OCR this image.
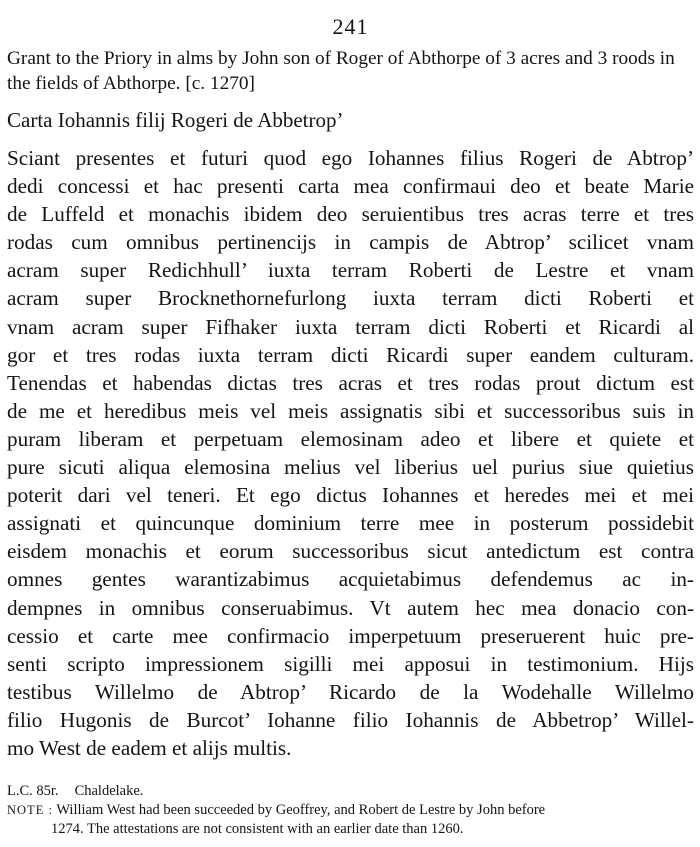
241

Grant to the Priory in alms by John son of Roger of Abthorpe of 3 acres and 3 roods in the fields of Abthorpe. [c. 1270]

Carta Iohannis filij Rogeri de Abbetrop’

Sciant presentes et futuri quod ego Iohannes filius Rogeri de Abtrop’
dedi concessi et hac presenti carta mea confirmaui deo et beate Marie
de Luffeld et monachis ibidem deo seruientibus tres acras terre et tres
rodas cum omnibus pertinencijs in campis de Abtrop’ scilicet vnam
acram super Redichhull’ iuxta terram Roberti de Lestre et vnam
acram super Brocknethornefurlong iuxta terram dicti Roberti et
vnam acram super Fifhaker iuxta terram dicti Roberti et Ricardi al
gor et tres rodas iuxta terram dicti Ricardi super eandem culturam.
Tenendas et habendas dictas tres acras et tres rodas prout dictum est
de me et heredibus meis vel meis assignatis sibi et successoribus suis in
puram liberam et perpetuam elemosinam adeo et libere et quiete et
pure sicuti aliqua elemosina melius vel liberius uel purius siue quietius
poterit dari vel teneri. Et ego dictus Iohannes et heredes mei et mei
assignati et quincunque dominium terre mee in posterum possidebit
eisdem monachis et eorum successoribus sicut antedictum est contra
omnes gentes warantizabimus acquietabimus defendemus ac in-
dempnes in omnibus conseruabimus. Vt autem hec mea donacio con-
cessio et carte mee confirmacio imperpetuum preseruerent huic pre-
senti scripto impressionem sigilli mei apposui in testimonium. Hijs
testibus Willelmo de Abtrop’ Ricardo de la Wodehalle Willelmo
filio Hugonis de Burcot’ Iohanne filio Iohannis de Abbetrop’ Willel-
mo West de eadem et alijs multis.

L.C. 85r. Chaldelake.
NOTE : William West had been succeeded by Geoffrey, and Robert de Lestre by John before
1274. The attestations are not consistent with an earlier date than 1260.
